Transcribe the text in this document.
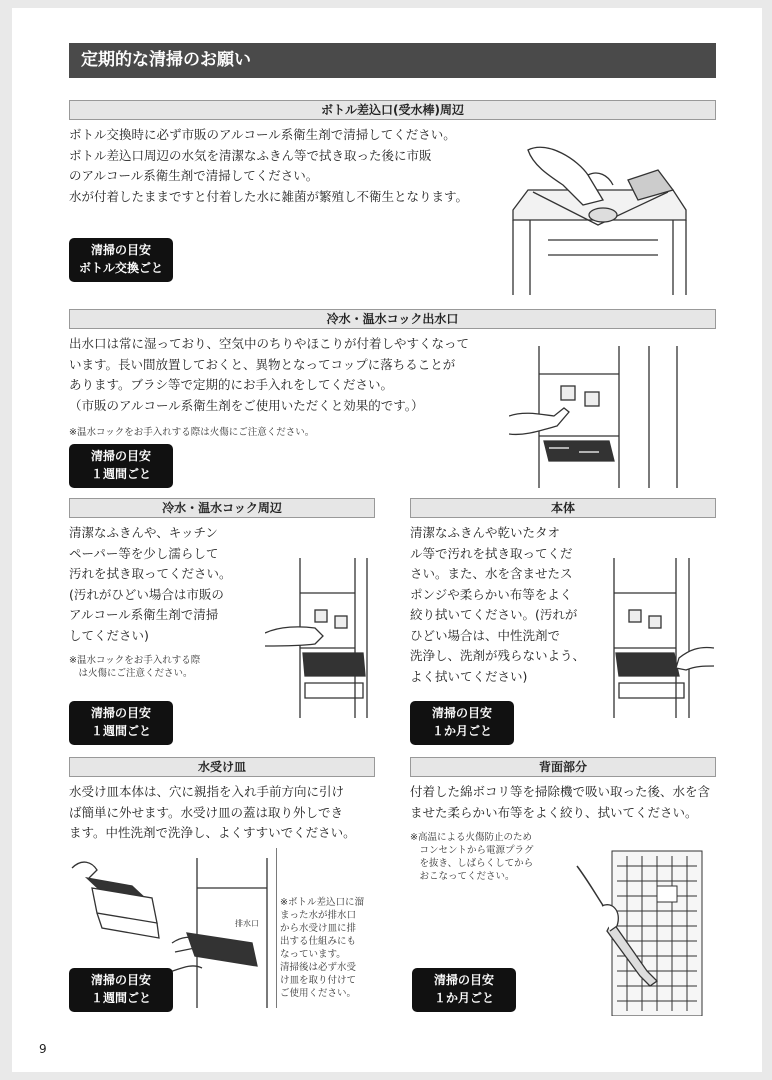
定期的な清掃のお願い
ボトル差込口(受水棒)周辺
ボトル交換時に必ず市販のアルコール系衛生剤で清掃してください。
ボトル差込口周辺の水気を清潔なふきん等で拭き取った後に市販
のアルコール系衛生剤で清掃してください。
水が付着したままですと付着した水に雑菌が繁殖し不衛生となります。
清掃の目安
ボトル交換ごと
冷水・温水コック出水口
出水口は常に湿っており、空気中のちりやほこりが付着しやすくなって
います。長い間放置しておくと、異物となってコップに落ちることが
あります。ブラシ等で定期的にお手入れをしてください。
（市販のアルコール系衛生剤をご使用いただくと効果的です。）
※温水コックをお手入れする際は火傷にご注意ください。
清掃の目安
１週間ごと
冷水・温水コック周辺
清潔なふきんや、キッチン
ペーパー等を少し濡らして
汚れを拭き取ってください。
(汚れがひどい場合は市販の
アルコール系衛生剤で清掃
してください)
※温水コックをお手入れする際
　は火傷にご注意ください。
清掃の目安
１週間ごと
本体
清潔なふきんや乾いたタオ
ル等で汚れを拭き取ってくだ
さい。また、水を含ませたス
ポンジや柔らかい布等をよく
絞り拭いてください。(汚れが
ひどい場合は、中性洗剤で
洗浄し、洗剤が残らないよう、
よく拭いてください)
清掃の目安
１か月ごと
水受け皿
水受け皿本体は、穴に親指を入れ手前方向に引け
ば簡単に外せます。水受け皿の蓋は取り外しでき
ます。中性洗剤で洗浄し、よくすすいでください。
排水口
※ボトル差込口に溜
まった水が排水口
から水受け皿に排
出する仕組みにも
なっています。
清掃後は必ず水受
け皿を取り付けて
ご使用ください。
清掃の目安
１週間ごと
背面部分
付着した綿ボコリ等を掃除機で吸い取った後、水を含
ませた柔らかい布等をよく絞り、拭いてください。
※高温による火傷防止のため
　コンセントから電源プラグ
　を抜き、しばらくしてから
　おこなってください。
清掃の目安
１か月ごと
9
